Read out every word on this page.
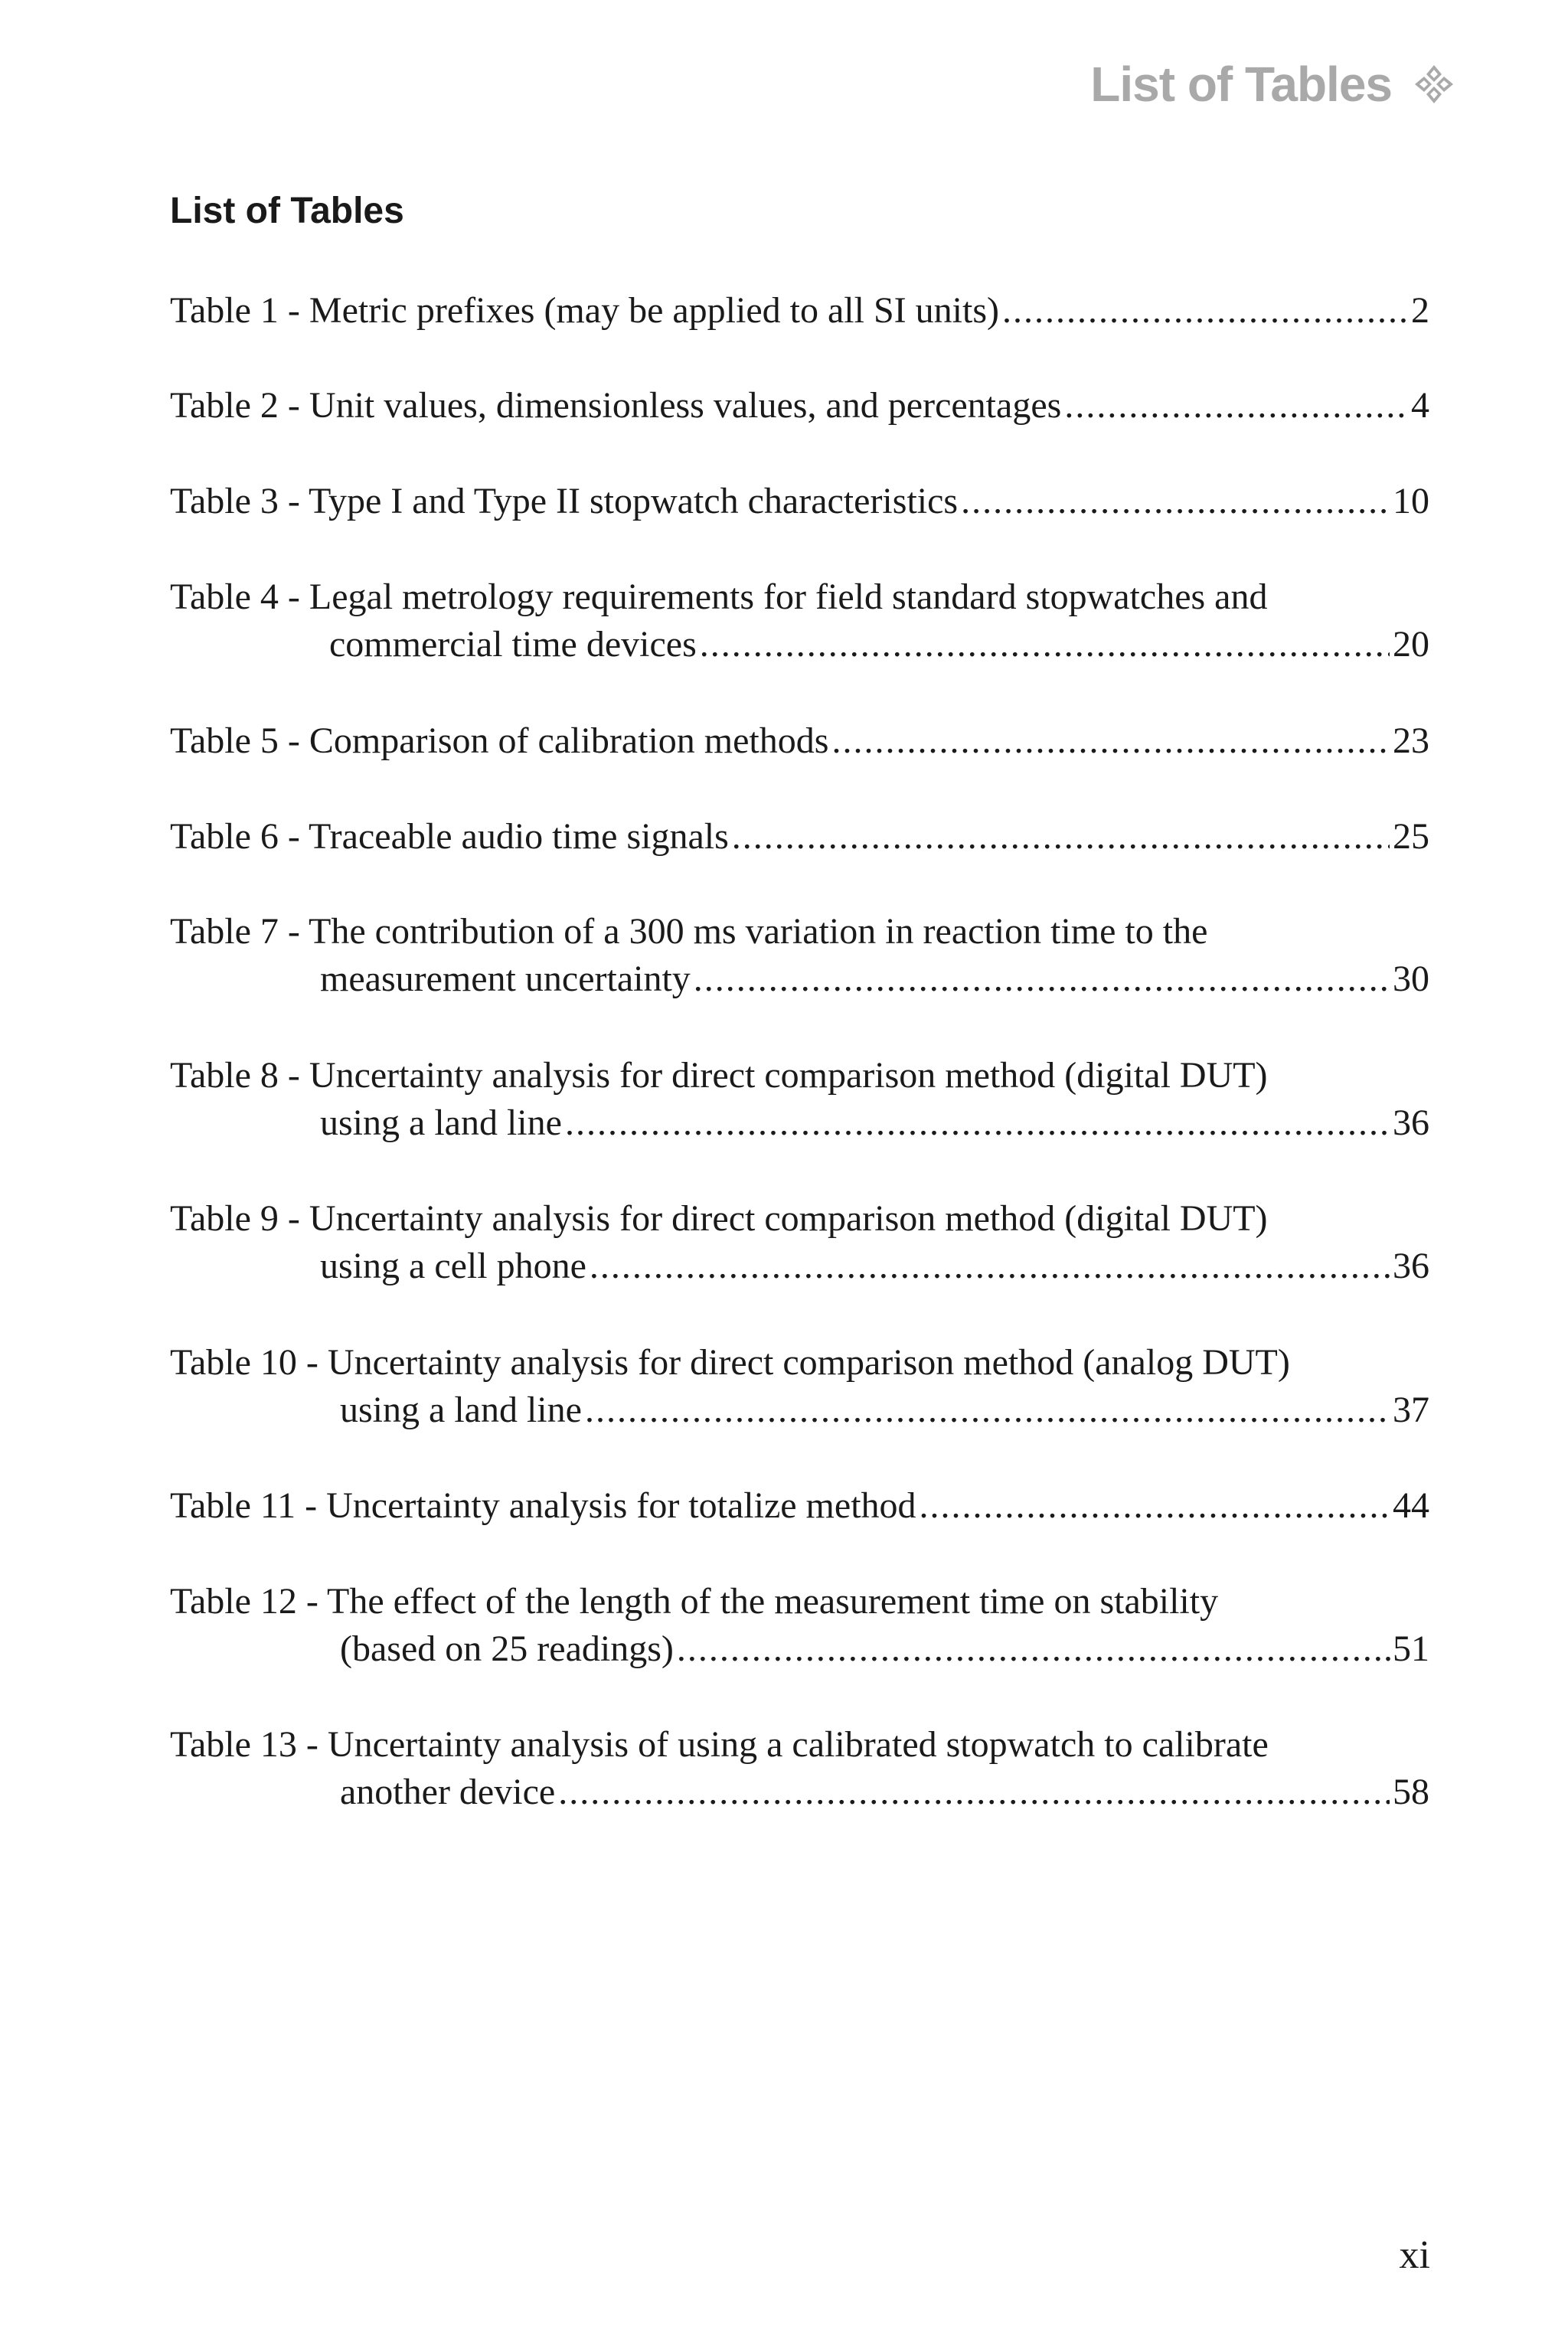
List of Tables
List of Tables
Table 1 - Metric prefixes (may be applied to all SI units) .....	2
Table 2 - Unit values, dimensionless values, and percentages .....	4
Table 3 - Type I and Type II stopwatch characteristics .....	10
Table 4 - Legal metrology requirements for field standard stopwatches and
commercial time devices .....	20
Table 5 - Comparison of calibration methods .....	23
Table 6 - Traceable audio time signals .....	25
Table 7 - The contribution of a 300 ms variation in reaction time to the
measurement uncertainty .....	30
Table 8 - Uncertainty analysis for direct comparison method (digital DUT)
using a land line .....	36
Table 9 - Uncertainty analysis for direct comparison method (digital DUT)
using a cell phone .....	36
Table 10 - Uncertainty analysis for direct comparison method (analog DUT)
using a land line .....	37
Table 11 - Uncertainty analysis for totalize method .....	44
Table 12 - The effect of the length of the measurement time on stability
(based on 25 readings) .....	.51
Table 13 - Uncertainty analysis of using a calibrated stopwatch to calibrate
another device .....	58
xi
